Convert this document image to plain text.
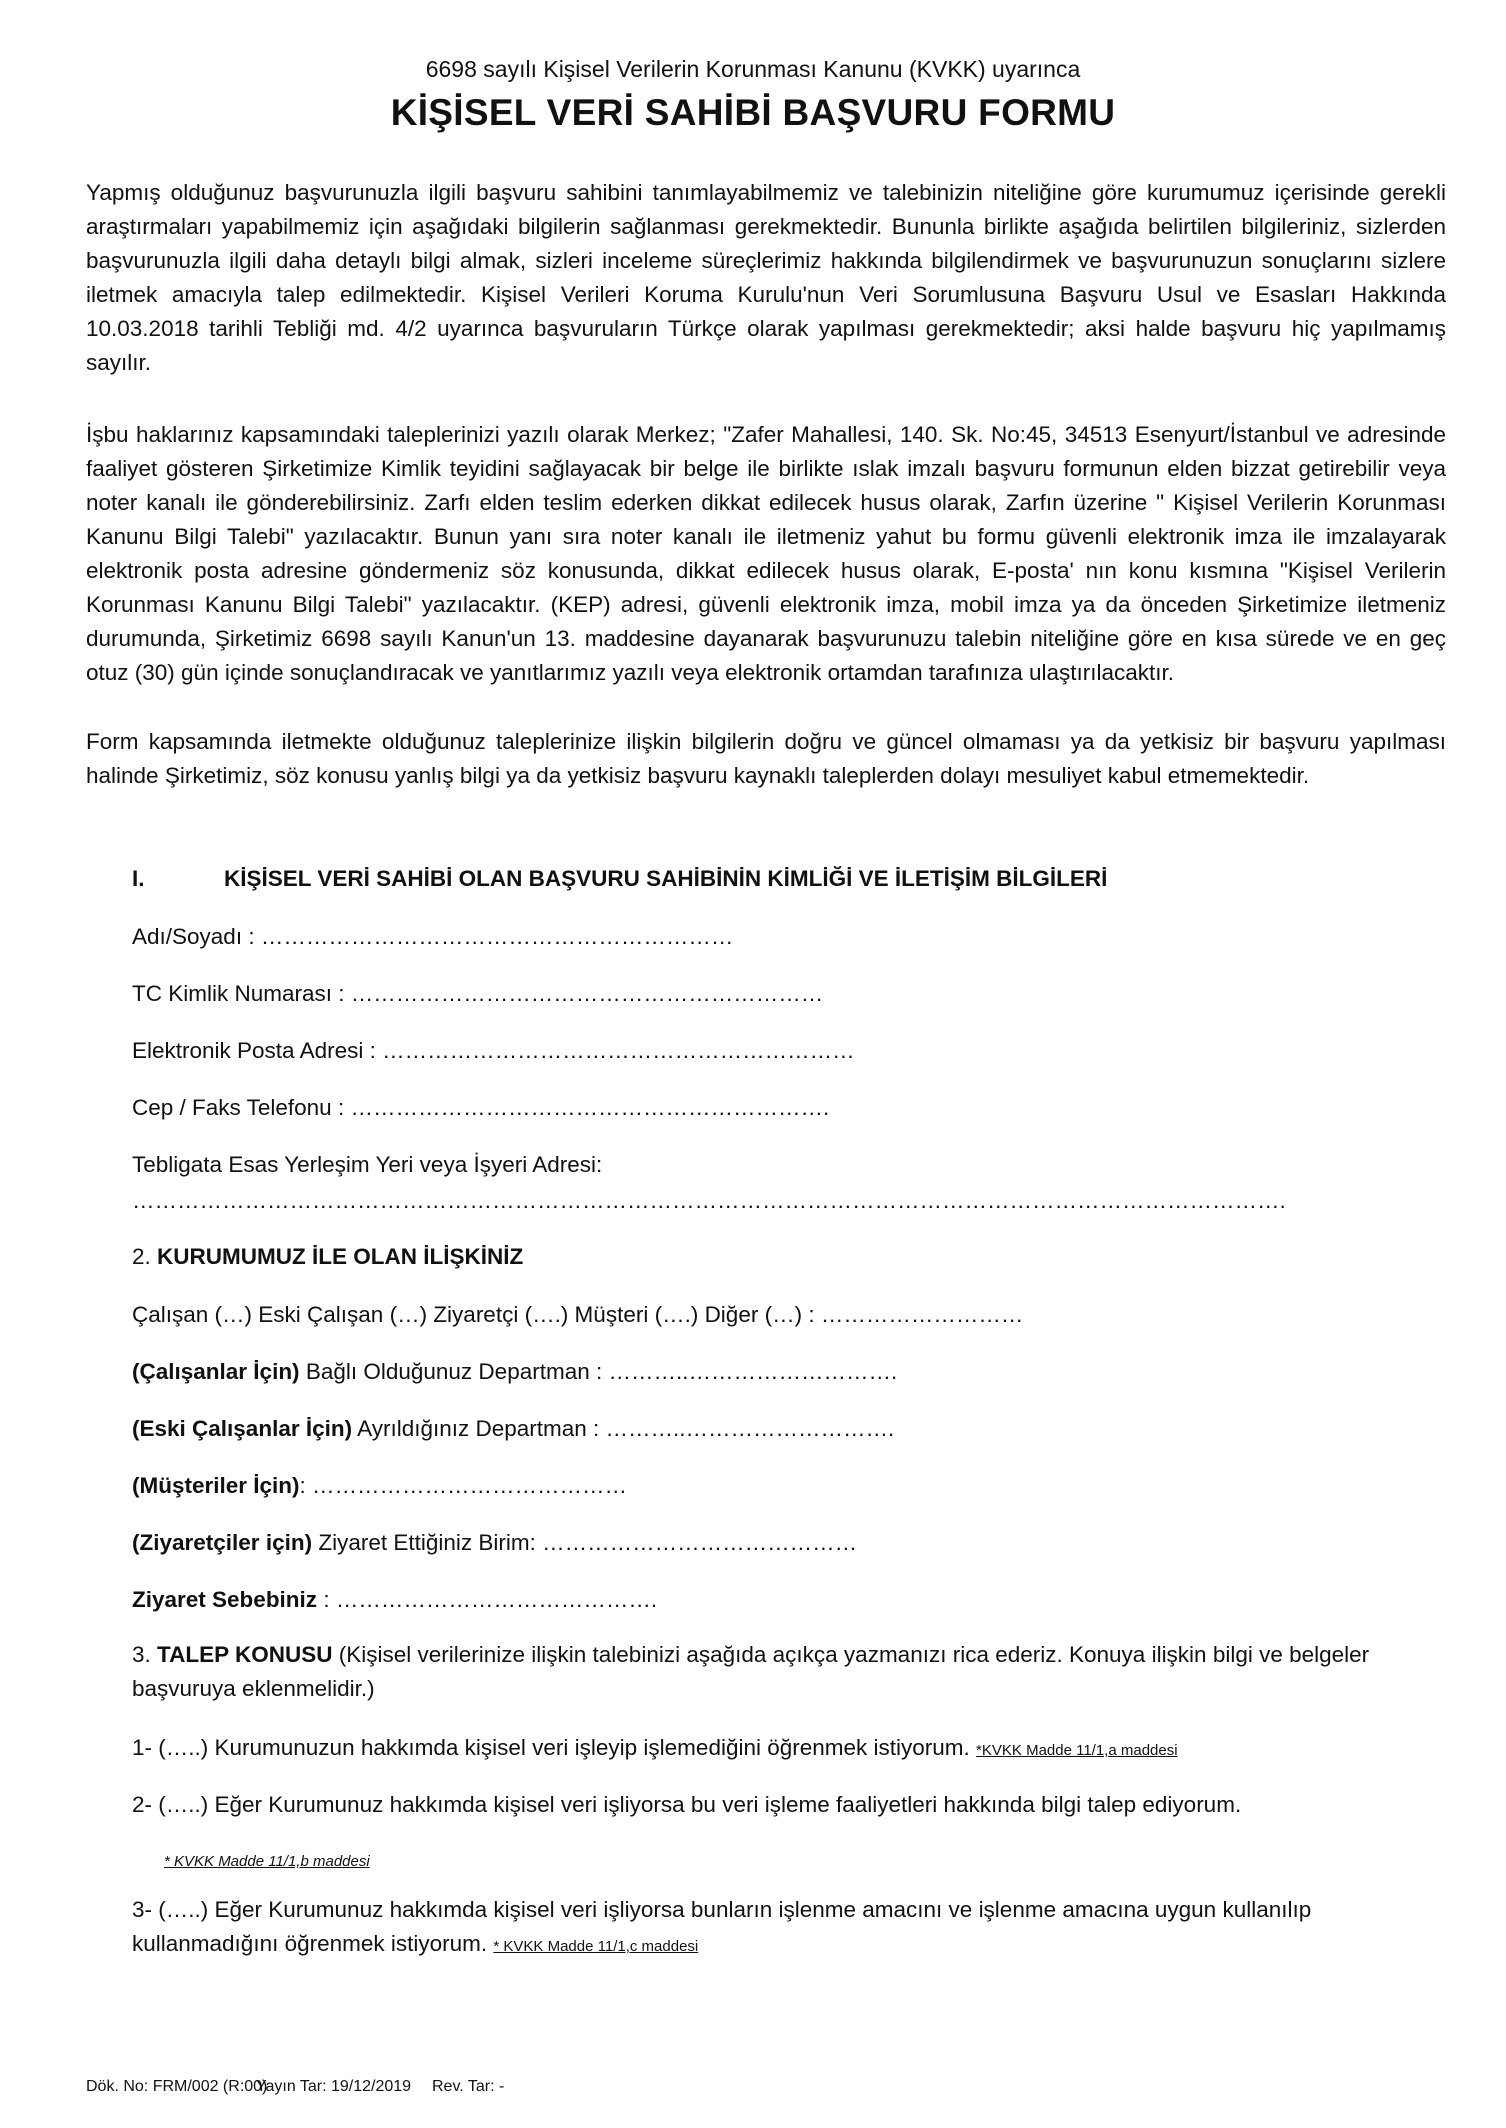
6698 sayılı Kişisel Verilerin Korunması Kanunu (KVKK) uyarınca
KİŞİSEL VERİ SAHİBİ BAŞVURU FORMU

Yapmış olduğunuz başvurunuzla ilgili başvuru sahibini tanımlayabilmemiz ve talebinizin niteliğine göre kurumumuz içerisinde gerekli araştırmaları yapabilmemiz için aşağıdaki bilgilerin sağlanması gerekmektedir. Bununla birlikte aşağıda belirtilen bilgileriniz, sizlerden başvurunuzla ilgili daha detaylı bilgi almak, sizleri inceleme süreçlerimiz hakkında bilgilendirmek ve başvurunuzun sonuçlarını sizlere iletmek amacıyla talep edilmektedir. Kişisel Verileri Koruma Kurulu'nun Veri Sorumlusuna Başvuru Usul ve Esasları Hakkında 10.03.2018 tarihli Tebliği md. 4/2 uyarınca başvuruların Türkçe olarak yapılması gerekmektedir; aksi halde başvuru hiç yapılmamış sayılır.

İşbu haklarınız kapsamındaki taleplerinizi yazılı olarak Merkez; "Zafer Mahallesi, 140. Sk. No:45, 34513 Esenyurt/İstanbul ve adresinde faaliyet gösteren Şirketimize Kimlik teyidini sağlayacak bir belge ile birlikte ıslak imzalı başvuru formunun elden bizzat getirebilir veya noter kanalı ile gönderebilirsiniz. Zarfı elden teslim ederken dikkat edilecek husus olarak, Zarfın üzerine " Kişisel Verilerin Korunması Kanunu Bilgi Talebi" yazılacaktır. Bunun yanı sıra noter kanalı ile iletmeniz yahut bu formu güvenli elektronik imza ile imzalayarak elektronik posta adresine göndermeniz söz konusunda, dikkat edilecek husus olarak, E-posta' nın konu kısmına "Kişisel Verilerin Korunması Kanunu Bilgi Talebi" yazılacaktır. (KEP) adresi, güvenli elektronik imza, mobil imza ya da önceden Şirketimize iletmeniz durumunda, Şirketimiz 6698 sayılı Kanun'un 13. maddesine dayanarak başvurunuzu talebin niteliğine göre en kısa sürede ve en geç otuz (30) gün içinde sonuçlandıracak ve yanıtlarımız yazılı veya elektronik ortamdan tarafınıza ulaştırılacaktır.

Form kapsamında iletmekte olduğunuz taleplerinize ilişkin bilgilerin doğru ve güncel olmaması ya da yetkisiz bir başvuru yapılması halinde Şirketimiz, söz konusu yanlış bilgi ya da yetkisiz başvuru kaynaklı taleplerden dolayı mesuliyet kabul etmemektedir.

I.	KİŞİSEL VERİ SAHİBİ OLAN BAŞVURU SAHİBİNİN KİMLİĞİ VE İLETİŞİM BİLGİLERİ
Adı/Soyadı : ………………………………………………………
TC Kimlik Numarası : ………………………………………………………
Elektronik Posta Adresi : ………………………………………………………
Cep / Faks Telefonu : ……………………………………………………….
Tebligata Esas Yerleşim Yeri veya İşyeri Adresi:
……………………………………………………………………………………………………………………………………….
2. KURUMUMUZ İLE OLAN İLİŞKİNİZ
Çalışan (…) Eski Çalışan (…) Ziyaretçi (….) Müşteri (….) Diğer (…) : ………………………
(Çalışanlar İçin) Bağlı Olduğunuz Departman : ………..……………………….
(Eski Çalışanlar İçin) Ayrıldığınız Departman : ………..……………………….
(Müşteriler İçin): ……………………………………
(Ziyaretçiler için) Ziyaret Ettiğiniz Birim: ……………………………………
Ziyaret Sebebiniz : …………………………………….
3. TALEP KONUSU (Kişisel verilerinize ilişkin talebinizi aşağıda açıkça yazmanızı rica ederiz. Konuya ilişkin bilgi ve belgeler başvuruya eklenmelidir.)
1- (…..) Kurumunuzun hakkımda kişisel veri işleyip işlemediğini öğrenmek istiyorum. *KVKK Madde 11/1,a maddesi
2- (…..) Eğer Kurumunuz hakkımda kişisel veri işliyorsa bu veri işleme faaliyetleri hakkında bilgi talep ediyorum.
* KVKK Madde 11/1,b maddesi
3- (…..) Eğer Kurumunuz hakkımda kişisel veri işliyorsa bunların işlenme amacını ve işlenme amacına uygun kullanılıp kullanmadığını öğrenmek istiyorum. * KVKK Madde 11/1,c maddesi
Dök. No: FRM/002 (R:00)Yayın Tar: 19/12/2019 Rev. Tar: -
